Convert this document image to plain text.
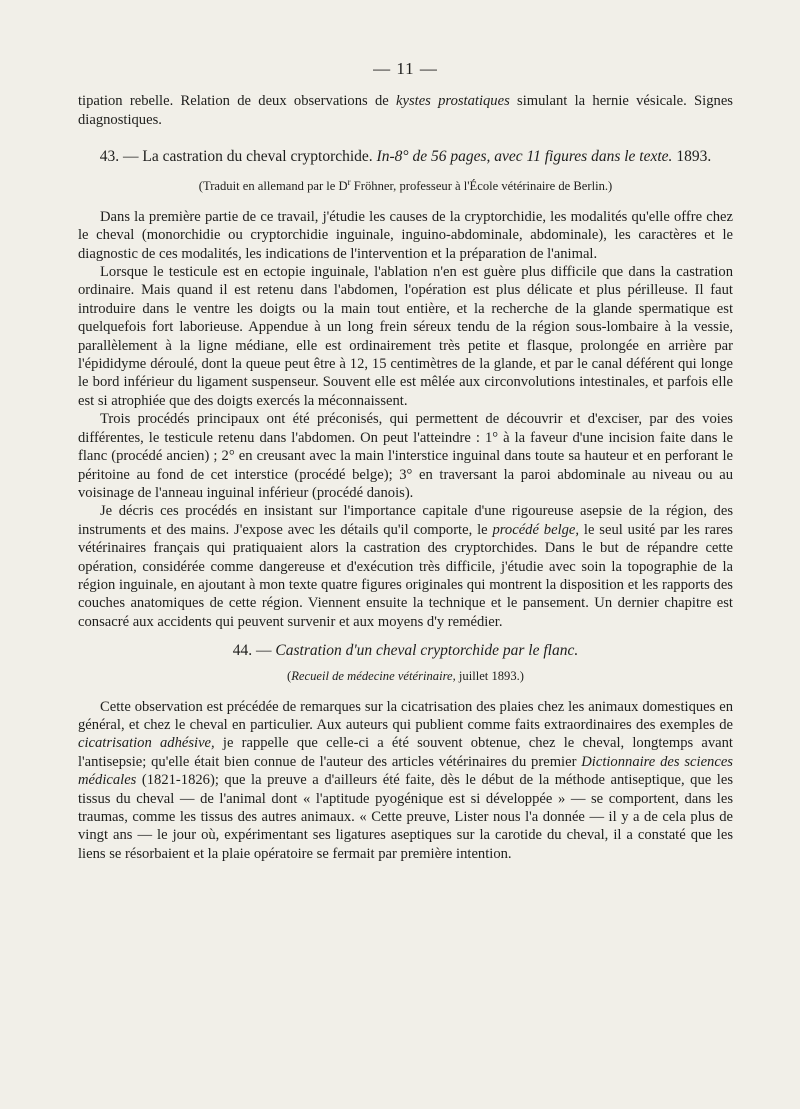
— 11 —

tipation rebelle. Relation de deux observations de kystes prostatiques simulant la hernie vésicale. Signes diagnostiques.

43. — La castration du cheval cryptorchide. In-8° de 56 pages, avec 11 figures dans le texte. 1893.
(Traduit en allemand par le $D^r$ Fröhner, professeur à l'École vétérinaire de Berlin.)

Dans la première partie de ce travail, j'étudie les causes de la cryptorchidie, les modalités qu'elle offre chez le cheval (monorchidie ou cryptorchidie inguinale, inguino-abdominale, abdominale), les caractères et le diagnostic de ces modalités, les indications de l'intervention et la préparation de l'animal.

Lorsque le testicule est en ectopie inguinale, l'ablation n'en est guère plus difficile que dans la castration ordinaire. Mais quand il est retenu dans l'abdomen, l'opération est plus délicate et plus périlleuse. Il faut introduire dans le ventre les doigts ou la main tout entière, et la recherche de la glande spermatique est quelquefois fort laborieuse. Appendue à un long frein séreux tendu de la région sous-lombaire à la vessie, parallèlement à la ligne médiane, elle est ordinairement très petite et flasque, prolongée en arrière par l'épididyme déroulé, dont la queue peut être à 12, 15 centimètres de la glande, et par le canal déférent qui longe le bord inférieur du ligament suspenseur. Souvent elle est mêlée aux circonvolutions intestinales, et parfois elle est si atrophiée que des doigts exercés la méconnaissent.

Trois procédés principaux ont été préconisés, qui permettent de découvrir et d'exciser, par des voies différentes, le testicule retenu dans l'abdomen. On peut l'atteindre : 1° à la faveur d'une incision faite dans le flanc (procédé ancien) ; 2° en creusant avec la main l'interstice inguinal dans toute sa hauteur et en perforant le péritoine au fond de cet interstice (procédé belge); 3° en traversant la paroi abdominale au niveau ou au voisinage de l'anneau inguinal inférieur (procédé danois).

Je décris ces procédés en insistant sur l'importance capitale d'une rigoureuse asepsie de la région, des instruments et des mains. J'expose avec les détails qu'il comporte, le procédé belge, le seul usité par les rares vétérinaires français qui pratiquaient alors la castration des cryptorchides. Dans le but de répandre cette opération, considérée comme dangereuse et d'exécution très difficile, j'étudie avec soin la topographie de la région inguinale, en ajoutant à mon texte quatre figures originales qui montrent la disposition et les rapports des couches anatomiques de cette région. Viennent ensuite la technique et le pansement. Un dernier chapitre est consacré aux accidents qui peuvent survenir et aux moyens d'y remédier.

44. — Castration d'un cheval cryptorchide par le flanc.
(Recueil de médecine vétérinaire, juillet 1893.)

Cette observation est précédée de remarques sur la cicatrisation des plaies chez les animaux domestiques en général, et chez le cheval en particulier. Aux auteurs qui publient comme faits extraordinaires des exemples de cicatrisation adhésive, je rappelle que celle-ci a été souvent obtenue, chez le cheval, longtemps avant l'antisepsie; qu'elle était bien connue de l'auteur des articles vétérinaires du premier Dictionnaire des sciences médicales (1821-1826); que la preuve a d'ailleurs été faite, dès le début de la méthode antiseptique, que les tissus du cheval — de l'animal dont « l'aptitude pyogénique est si développée » — se comportent, dans les traumas, comme les tissus des autres animaux. « Cette preuve, Lister nous l'a donnée — il y a de cela plus de vingt ans — le jour où, expérimentant ses ligatures aseptiques sur la carotide du cheval, il a constaté que les liens se résorbaient et la plaie opératoire se fermait par première intention.
